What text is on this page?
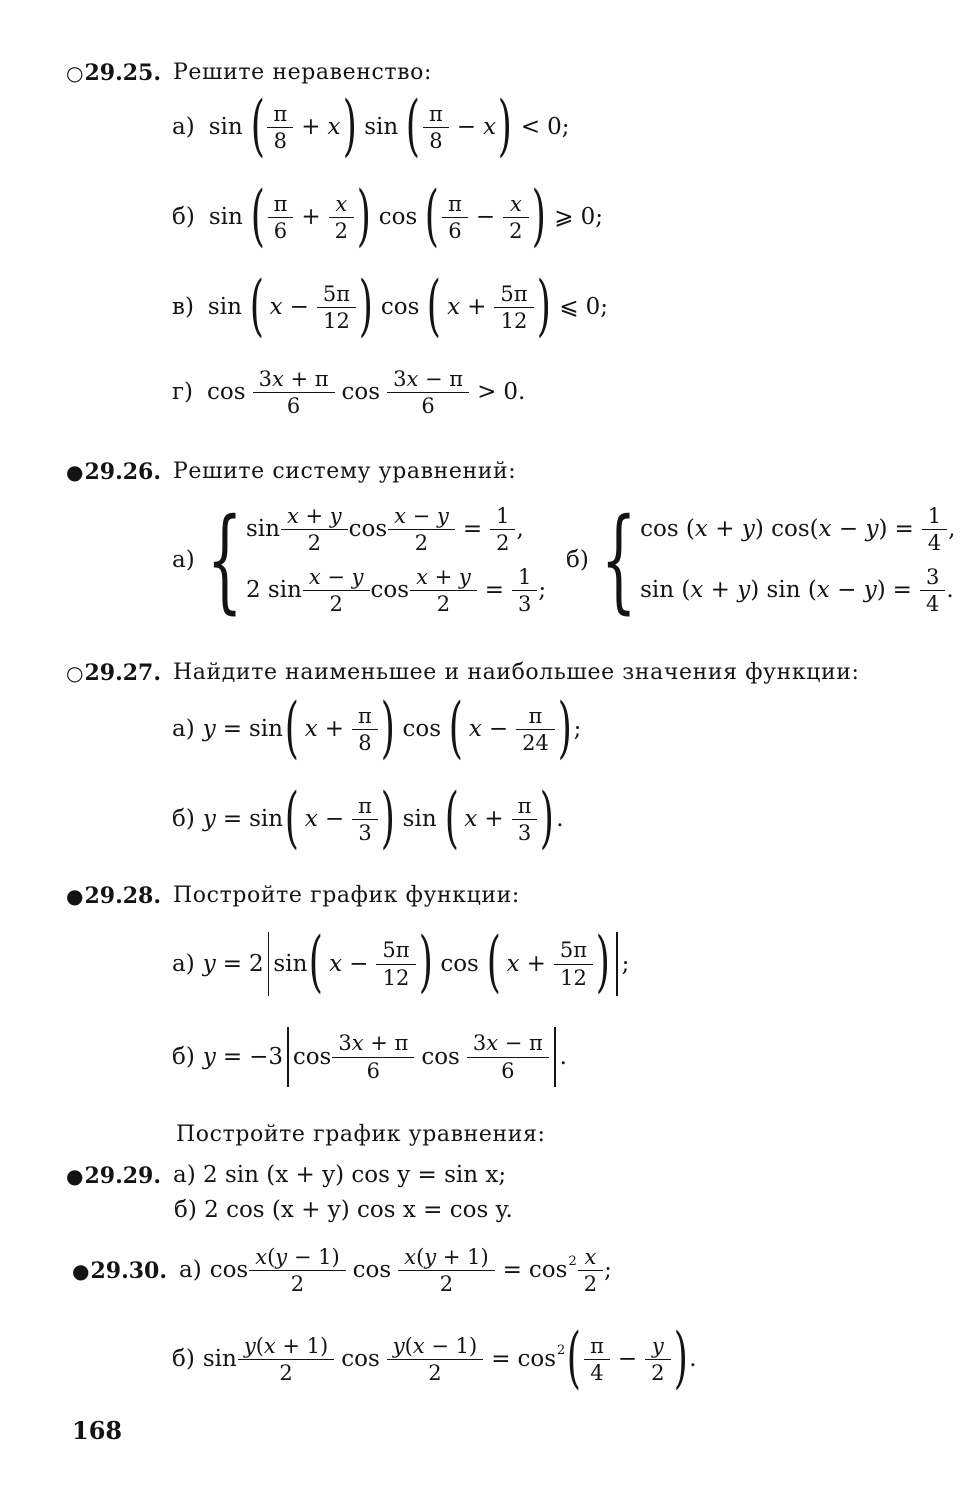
○ 29.25. Решите неравенство:
а) sin ( $\frac{\pi}{8} + x$ ) sin ( $\frac{\pi}{8} - x$ ) < 0;
б) sin ( $\frac{\pi}{6} + \frac{x}{2}$ ) cos ( $\frac{\pi}{6} - \frac{x}{2}$ ) ⩾ 0;
в) sin ( $x - \frac{5\pi}{12}$ ) cos ( $x + \frac{5\pi}{12}$ ) ⩽ 0;
г) $\cos \frac{3x + \pi}{6}$ $\cos \frac{3x - \pi}{6} > 0$.
● 29.26. Решите систему уравнений:
а) { $\sin \frac{x + y}{2}$ $\cos \frac{x - y}{2} = \frac{1}{2}$ ,
2 $\sin \frac{x - y}{2}$ $\cos \frac{x + y}{2} = \frac{1}{3}$ ;
б) { cos (x + y) $\cos(x - y) = \frac{1}{4}$ ,
sin (x + y) $\sin (x - y) = \frac{3}{4}$ .
○ 29.27. Найдите наименьшее и наибольшее значения функции:
а) y = sin ( $x + \frac{\pi}{8}$ ) cos ( $x - \frac{\pi}{24}$ ) ;
б) y = sin ( $x - \frac{\pi}{3}$ ) sin ( $x + \frac{\pi}{3}$ ) .
● 29.28. Постройте график функции:
а) y = 2 sin ( $x - \frac{5\pi}{12}$ ) cos ( $x + \frac{5\pi}{12}$ ) ;
б) y = −3 $\cos \frac{3x + \pi}{6}$ $\cos \frac{3x - \pi}{6}$ .
Постройте график уравнения:
● 29.29. а) 2 sin (x + y) cos y = sin x;
б) 2 cos (x + y) cos x = cos y.
● 29.30. а) $\cos \frac{x(y - 1)}{2}$ $\cos \frac{x(y + 1)}{2} = \cos 2 \frac{x}{2}$ ;
б) $\sin \frac{y(x + 1)}{2}$ $\cos \frac{y(x - 1)}{2} = \cos 2$ ( $\frac{\pi}{4} - \frac{y}{2}$ ) .
168
